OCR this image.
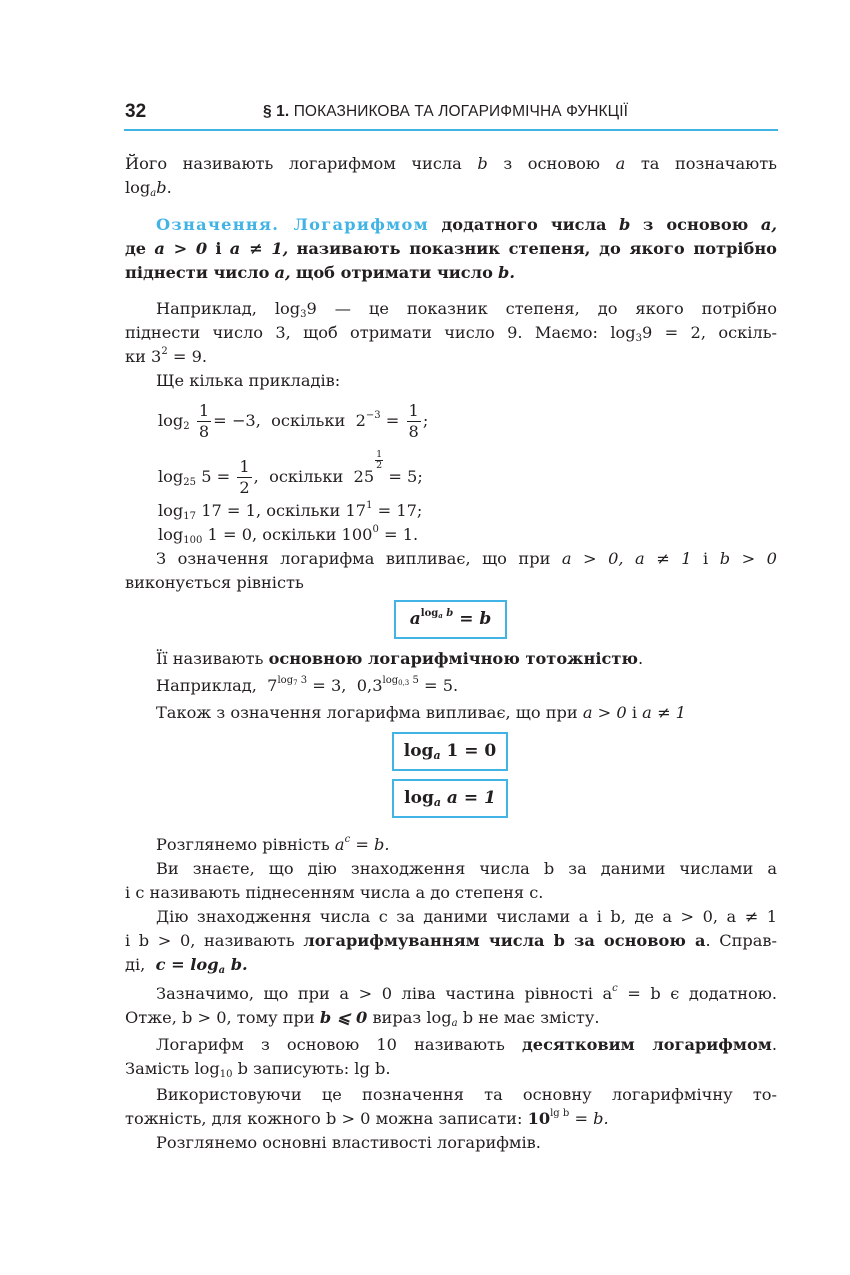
32	§ 1. ПОКАЗНИКОВА ТА ЛОГАРИФМІЧНА ФУНКЦІЇ
Його називають логарифмом числа b з основою a та позначають
$\log_ab$.
Означення. Логарифмом додатного числа b з основою a,
де a > 0 і a ≠ 1, називають показник степеня, до якого потрібно
піднести число a, щоб отримати число b.
Наприклад, $\log_39$ — це показник степеня, до якого потрібно
піднести число 3, щоб отримати число 9. Маємо: $\log_39 = 2$, оскіль-
ки $3^2 = 9$.
Ще кілька прикладів:
$\log_2 \frac{1}{8} = -3$, оскільки $2^{-3} = \frac{1}{8}$ ;
$\log_{25} 5 = \frac{1}{2}$ , оскільки 25
$\frac{1}{2}$
= 5;
$\log_{17} 17 = 1$, оскільки $17^1 = 17$;
$\log_{100} 1 = 0$, оскільки $100^0 = 1$.
З означення логарифма випливає, що при a > 0, a ≠ 1 і b > 0
виконується рівність
$a^{log_a b} = b$
Її називають основною логарифмічною тотожністю.
Наприклад, $7^{log_7 3} = 3$, $0,3^{log_{0,3} 5} = 5$.
Також з означення логарифма випливає, що при a > 0 і a ≠ 1
$\log_a 1 = 0$
$\log_a a = 1$
Розглянемо рівність $a^c = b$.
Ви знаєте, що дію знаходження числа b за даними числами a
і c називають піднесенням числа a до степеня c.
Дію знаходження числа c за даними числами a і b, де a > 0, a ≠ 1
і b > 0, називають логарифмуванням числа b за основою a. Справ-
ді, $c = \log_a b$.
Зазначимо, що при a > 0 ліва частина рівності $a^c = b$ є додатною.
Отже, b > 0, тому при b ⩽ 0 вираз $\log_a b$ не має змісту.
Логарифм з основою 10 називають десятковим логарифмом.
Замість $\log_{10} b$ записують: lg b.
Використовуючи це позначення та основну логарифмічну то-
тожність, для кожного b > 0 можна записати: $10^{lg b} = b$.
Розглянемо основні властивості логарифмів.
